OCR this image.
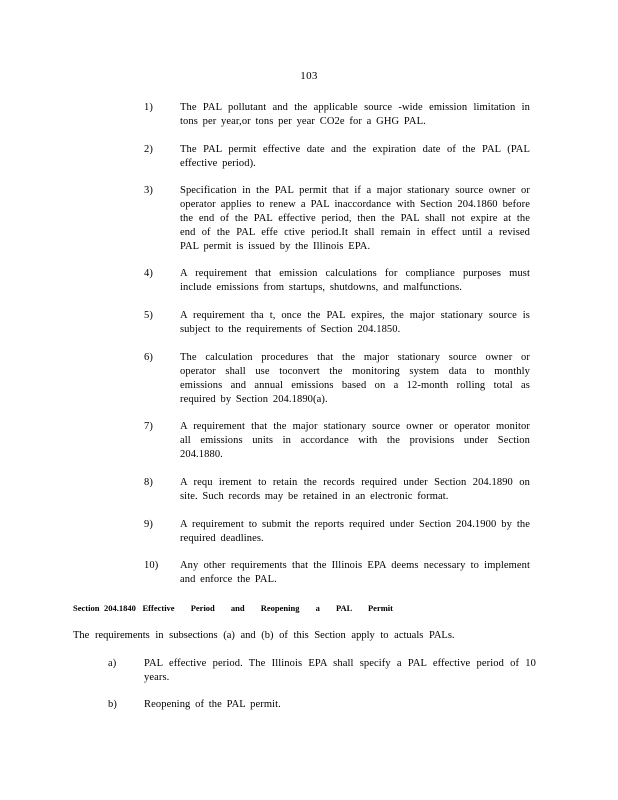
103
1)	The PAL pollutant and the applicable source -wide emission limitation in tons per year,or tons per year CO2e for a GHG PAL.
2)	The PAL permit effective date and the expiration date of the PAL (PAL effective period).
3)	Specification in the PAL permit that if a major stationary source owner or operator applies to renew a PAL inaccordance with Section 204.1860 before the end of the PAL effective period, then the PAL shall not expire at the end of the PAL effe ctive period.It shall remain in effect until a revised PAL permit is issued by the Illinois EPA.
4)	A requirement that emission calculations for compliance purposes must include emissions from startups, shutdowns, and malfunctions.
5)	A requirement tha t, once the PAL expires, the major stationary source is subject to the requirements of Section 204.1850.
6)	The calculation procedures that the major stationary source owner or operator shall use toconvert the monitoring system data to monthly emissions and annual emissions based on a 12-month rolling total as required by Section 204.1890(a).
7)	A requirement that the major stationary source owner or operator monitor all emissions units in accordance with the provisions under Section 204.1880.
8)	A requ irement to retain the records required under Section 204.1890 on site. Such records may be retained in an electronic format.
9)	A requirement to submit the reports required under Section 204.1900 by the required deadlines.
10) Any other requirements that the Illinois EPA deems necessary to implement and enforce the PAL.
Section 204.1840 Effective Period and Reopening a PAL Permit
The requirements in subsections (a) and (b) of this Section apply to actuals PALs.
a)	PAL effective period. The Illinois EPA shall specify a PAL effective period of 10 years.
b)	Reopening of the PAL permit.
